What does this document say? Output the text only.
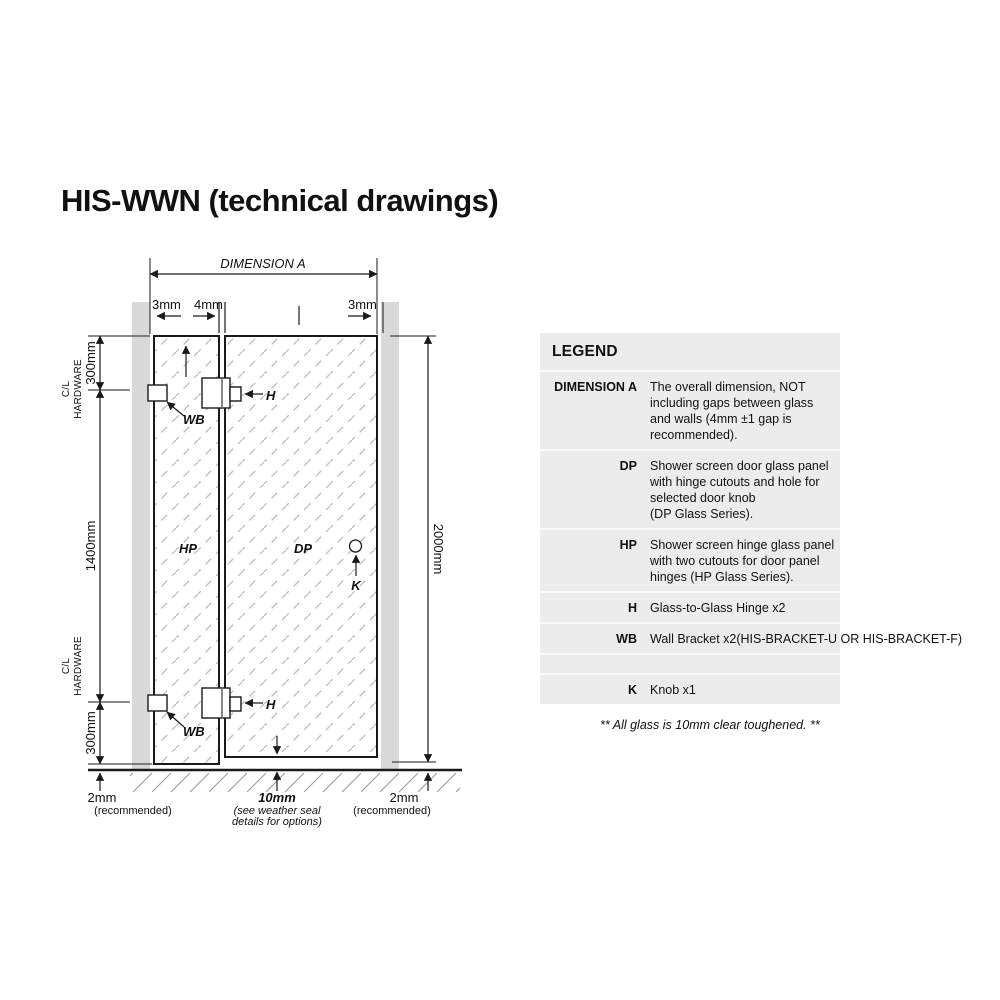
HIS-WWN (technical drawings)
DIMENSION A
3mm 4mm	3mm
C/L HARDWARE 300mm
1400mm
C/L HARDWARE
300mm
2000mm
2mm
(recommended)
10mm
(see weather seal
details for options)
2mm
(recommended)
HP	DP
K
WB
H
WB
H
LEGEND
DIMENSION A The overall dimension, NOT
including gaps between glass
and walls (4mm ±1 gap is
recommended).
DP Shower screen door glass panel
with hinge cutouts and hole for
selected door knob
(DP Glass Series).
HP Shower screen hinge glass panel
with two cutouts for door panel
hinges (HP Glass Series).
H Glass-to-Glass Hinge x2
WB Wall Bracket x2(HIS-BRACKET-U OR HIS-BRACKET-F)
K Knob x1
** All glass is 10mm clear toughened. **
